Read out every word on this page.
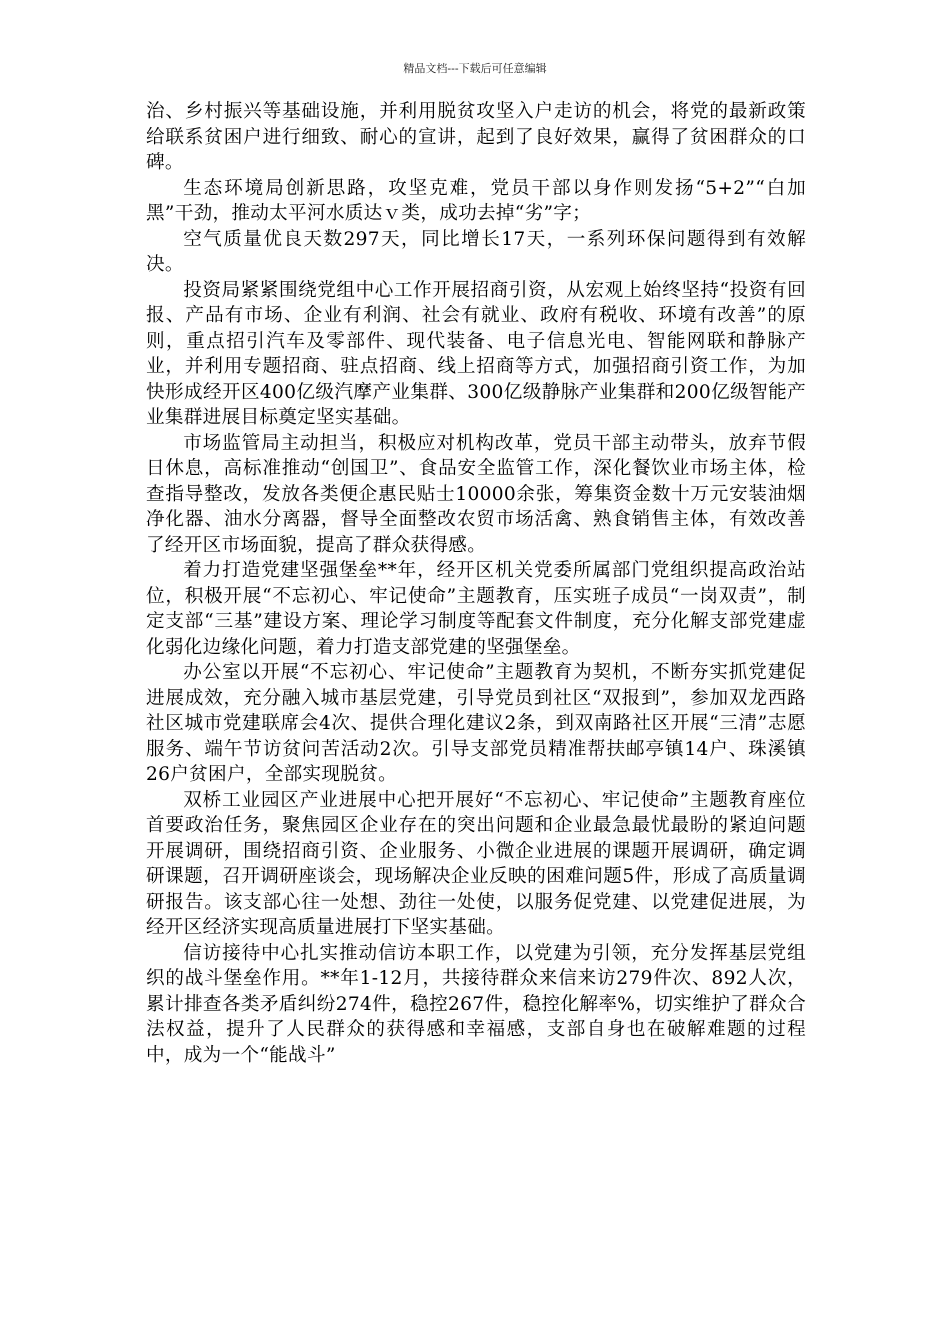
精品文档---下载后可任意编辑

治、乡村振兴等基础设施，并利用脱贫攻坚入户走访的机会，将党的最新政策给联系贫困户进行细致、耐心的宣讲，起到了良好效果，赢得了贫困群众的口碑。

生态环境局创新思路，攻坚克难，党员干部以身作则发扬“5+2”“白加黑”干劲，推动太平河水质达ｖ类，成功去掉“劣”字；

空气质量优良天数297天，同比增长17天，一系列环保问题得到有效解决。

投资局紧紧围绕党组中心工作开展招商引资，从宏观上始终坚持“投资有回报、产品有市场、企业有利润、社会有就业、政府有税收、环境有改善”的原则，重点招引汽车及零部件、现代装备、电子信息光电、智能网联和静脉产业，并利用专题招商、驻点招商、线上招商等方式，加强招商引资工作，为加快形成经开区400亿级汽摩产业集群、300亿级静脉产业集群和200亿级智能产业集群进展目标奠定坚实基础。

市场监管局主动担当，积极应对机构改革，党员干部主动带头，放弃节假日休息，高标准推动“创国卫”、食品安全监管工作，深化餐饮业市场主体，检查指导整改，发放各类便企惠民贴士10000余张，筹集资金数十万元安装油烟净化器、油水分离器，督导全面整改农贸市场活禽、熟食销售主体，有效改善了经开区市场面貌，提高了群众获得感。

着力打造党建坚强堡垒**年，经开区机关党委所属部门党组织提高政治站位，积极开展“不忘初心、牢记使命”主题教育，压实班子成员“一岗双责”，制定支部“三基”建设方案、理论学习制度等配套文件制度，充分化解支部党建虚化弱化边缘化问题，着力打造支部党建的坚强堡垒。

办公室以开展“不忘初心、牢记使命”主题教育为契机，不断夯实抓党建促进展成效，充分融入城市基层党建，引导党员到社区“双报到”，参加双龙西路社区城市党建联席会4次、提供合理化建议2条，到双南路社区开展“三清”志愿服务、端午节访贫问苦活动2次。引导支部党员精准帮扶邮亭镇14户、珠溪镇26户贫困户，全部实现脱贫。

双桥工业园区产业进展中心把开展好“不忘初心、牢记使命”主题教育座位首要政治任务，聚焦园区企业存在的突出问题和企业最急最忧最盼的紧迫问题开展调研，围绕招商引资、企业服务、小微企业进展的课题开展调研，确定调研课题，召开调研座谈会，现场解决企业反映的困难问题5件，形成了高质量调研报告。该支部心往一处想、劲往一处使，以服务促党建、以党建促进展，为经开区经济实现高质量进展打下坚实基础。

信访接待中心扎实推动信访本职工作，以党建为引领，充分发挥基层党组织的战斗堡垒作用。**年1-12月，共接待群众来信来访279件次、892人次，累计排查各类矛盾纠纷274件，稳控267件，稳控化解率%，切实维护了群众合法权益，提升了人民群众的获得感和幸福感，支部自身也在破解难题的过程中，成为一个“能战斗”
